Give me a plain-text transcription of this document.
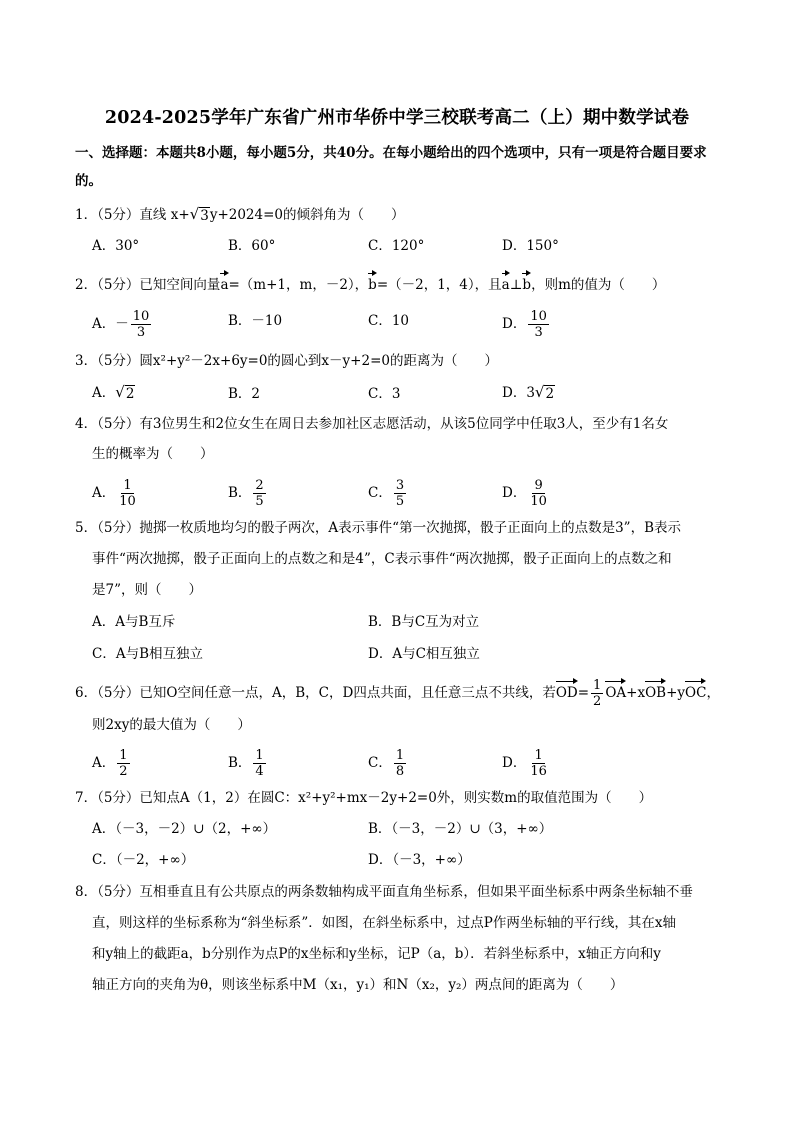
2024-2025学年广东省广州市华侨中学三校联考高二（上）期中数学试卷
一、选择题：本题共8小题，每小题5分，共40分。在每小题给出的四个选项中，只有一项是符合题目要求的。
1．（5分）直线 x+ √ 3 y+2024=0的倾斜角为（　　）
A．30°	B．60°	C．120°	D．150°
2．（5分）已知空间向量a=（m+1，m，－2），b=（－2，1，4），且a⊥b，则m的值为（　　）
A．－ $\frac{10}{3}$	B．－10	C．10	D． $\frac{10}{3}$
3．（5分）圆x²+y²－2x+6y=0的圆心到x－y+2=0的距离为（　　）
A． √ 2	B．2	C．3	D．3 √ 2
4．（5分）有3位男生和2位女生在周日去参加社区志愿活动，从该5位同学中任取3人，至少有1名女
生的概率为（　　）
A． $\frac{1}{10}$	B． $\frac{2}{5}$	C． $\frac{3}{5}$	D． $\frac{9}{10}$
5．（5分）抛掷一枚质地均匀的骰子两次，A表示事件“第一次抛掷，骰子正面向上的点数是3”，B表示
事件“两次抛掷，骰子正面向上的点数之和是4”，C表示事件“两次抛掷，骰子正面向上的点数之和
是7”，则（　　）
A．A与B互斥	B．B与C互为对立
C．A与B相互独立	D．A与C相互独立
6．（5分）已知O空间任意一点，A，B，C，D四点共面，且任意三点不共线，若$OD= \frac{1}{2} OA+xOB+yOC$，
则2xy的最大值为（　　）
A． $\frac{1}{2}$	B． $\frac{1}{4}$	C． $\frac{1}{8}$	D． $\frac{1}{16}$
7．（5分）已知点A（1，2）在圆C：x²+y²+mx－2y+2=0外，则实数m的取值范围为（　　）
A．（－3，－2）∪（2，+∞）	B．（－3，－2）∪（3，+∞）
C．（－2，+∞）	D．（－3，+∞）
8．（5分）互相垂直且有公共原点的两条数轴构成平面直角坐标系，但如果平面坐标系中两条坐标轴不垂
直，则这样的坐标系称为“斜坐标系”．如图，在斜坐标系中，过点P作两坐标轴的平行线，其在x轴
和y轴上的截距a，b分别作为点P的x坐标和y坐标，记P（a，b）．若斜坐标系中，x轴正方向和y
轴正方向的夹角为θ，则该坐标系中M（x₁，y₁）和N（x₂，y₂）两点间的距离为（　　）
